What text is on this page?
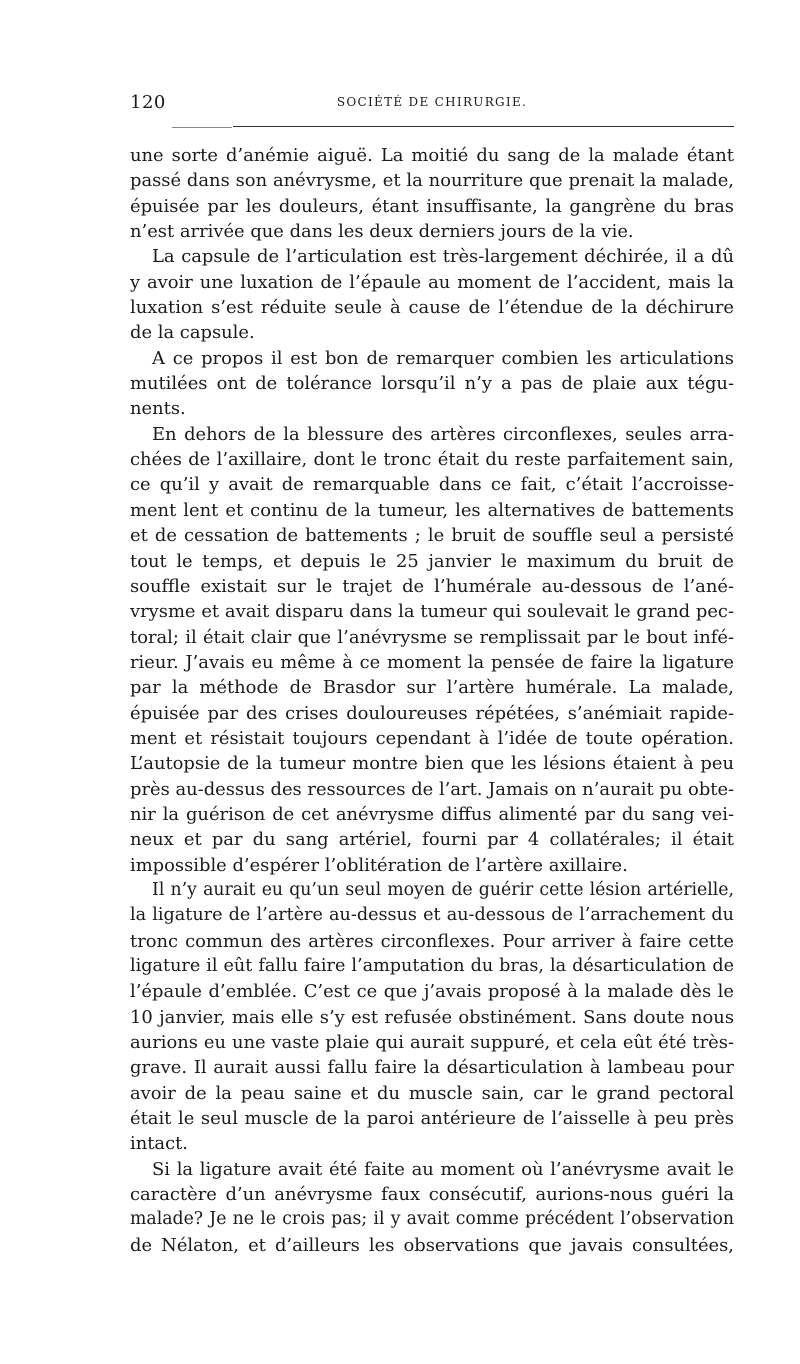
120	SOCIÉTÉ DE CHIRURGIE.
une sorte d’anémie aiguë. La moitié du sang de la malade étant
passé dans son anévrysme, et la nourriture que prenait la malade,
épuisée par les douleurs, étant insuffisante, la gangrène du bras
n’est arrivée que dans les deux derniers jours de la vie.
La capsule de l’articulation est très-largement déchirée, il a dû
y avoir une luxation de l’épaule au moment de l’accident, mais la
luxation s’est réduite seule à cause de l’étendue de la déchirure
de la capsule.
A ce propos il est bon de remarquer combien les articulations
mutilées ont de tolérance lorsqu’il n’y a pas de plaie aux tégu-
nents.
En dehors de la blessure des artères circonflexes, seules arra-
chées de l’axillaire, dont le tronc était du reste parfaitement sain,
ce qu’il y avait de remarquable dans ce fait, c’était l’accroisse-
ment lent et continu de la tumeur, les alternatives de battements
et de cessation de battements ; le bruit de souffle seul a persisté
tout le temps, et depuis le 25 janvier le maximum du bruit de
souffle existait sur le trajet de l’humérale au-dessous de l’ané-
vrysme et avait disparu dans la tumeur qui soulevait le grand pec-
toral; il était clair que l’anévrysme se remplissait par le bout infé-
rieur. J’avais eu même à ce moment la pensée de faire la ligature
par la méthode de Brasdor sur l’artère humérale. La malade,
épuisée par des crises douloureuses répétées, s’anémiait rapide-
ment et résistait toujours cependant à l’idée de toute opération.
L’autopsie de la tumeur montre bien que les lésions étaient à peu
près au-dessus des ressources de l’art. Jamais on n’aurait pu obte-
nir la guérison de cet anévrysme diffus alimenté par du sang vei-
neux et par du sang artériel, fourni par 4 collatérales; il était
impossible d’espérer l’oblitération de l’artère axillaire.
Il n’y aurait eu qu’un seul moyen de guérir cette lésion artérielle,
la ligature de l’artère au-dessus et au-dessous de l’arrachement du
tronc commun des artères circonflexes. Pour arriver à faire cette
ligature il eût fallu faire l’amputation du bras, la désarticulation de
l’épaule d’emblée. C’est ce que j’avais proposé à la malade dès le
10 janvier, mais elle s’y est refusée obstinément. Sans doute nous
aurions eu une vaste plaie qui aurait suppuré, et cela eût été très-
grave. Il aurait aussi fallu faire la désarticulation à lambeau pour
avoir de la peau saine et du muscle sain, car le grand pectoral
était le seul muscle de la paroi antérieure de l’aisselle à peu près
intact.
Si la ligature avait été faite au moment où l’anévrysme avait le
caractère d’un anévrysme faux consécutif, aurions-nous guéri la
malade? Je ne le crois pas; il y avait comme précédent l’observation
de Nélaton, et d’ailleurs les observations que javais consultées,
